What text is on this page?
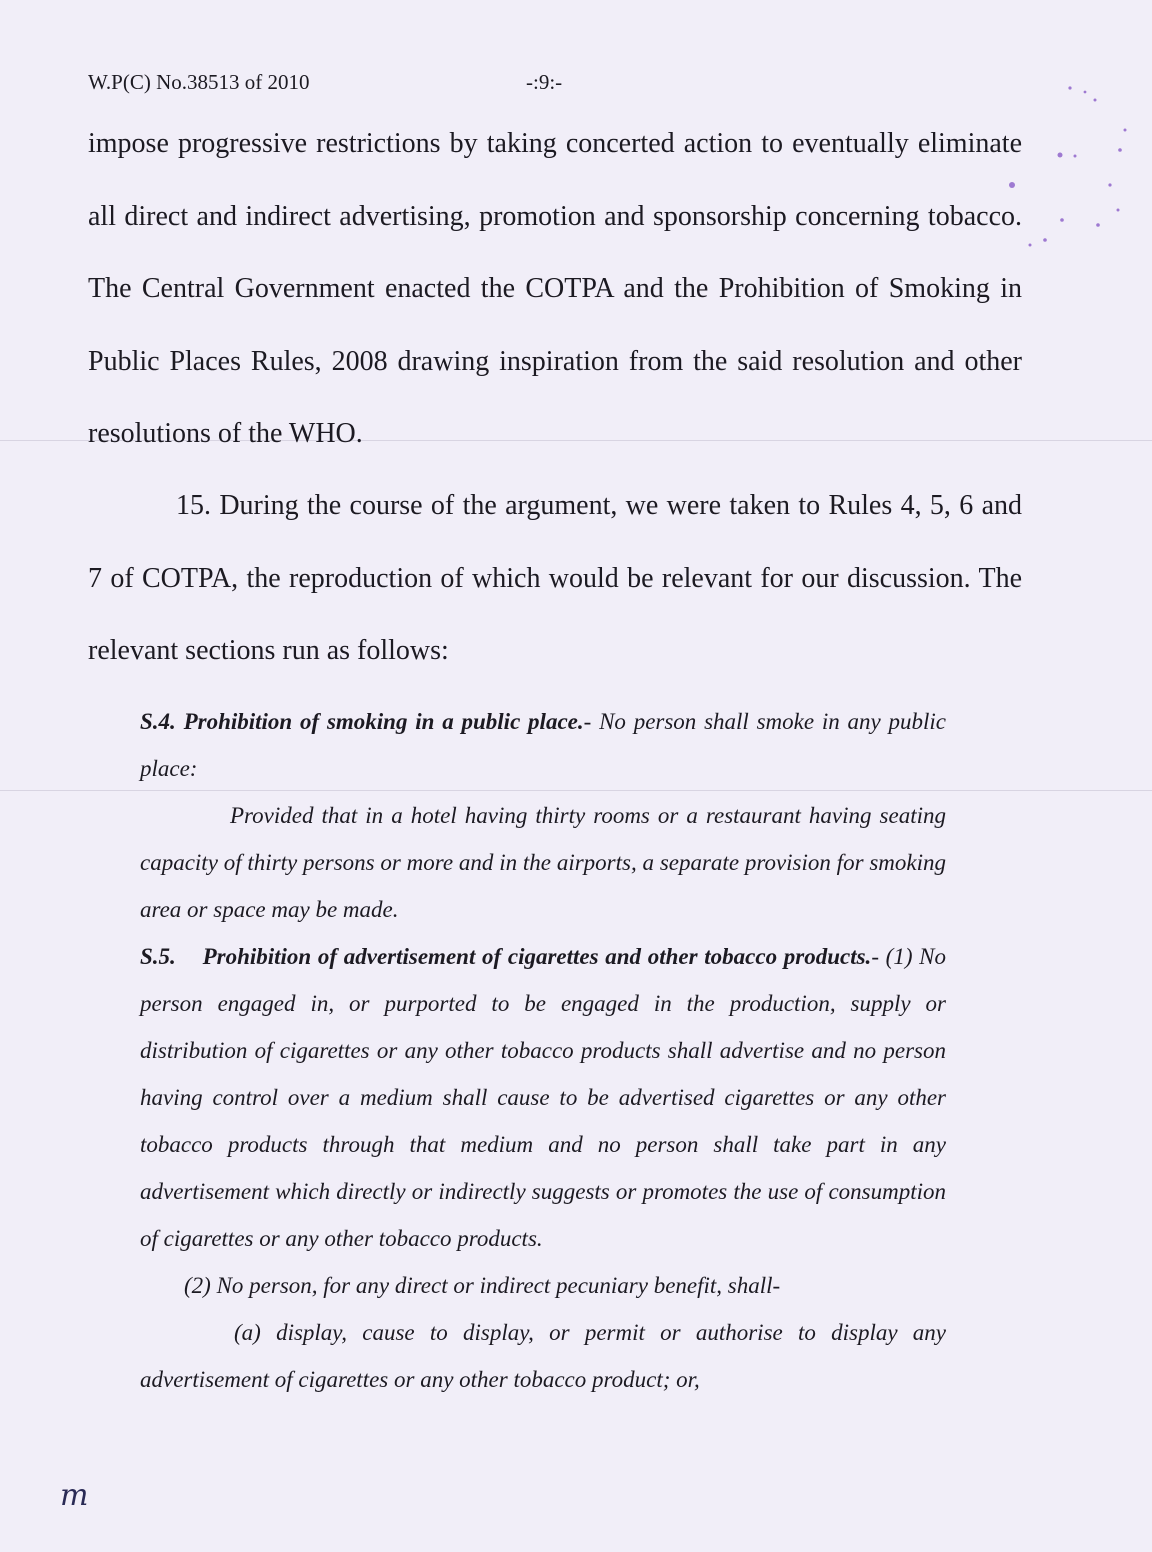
W.P(C) No.38513 of 2010	-:9:-
impose progressive restrictions by taking concerted action to eventually eliminate all direct and indirect advertising, promotion and sponsorship concerning tobacco. The Central Government enacted the COTPA and the Prohibition of Smoking in Public Places Rules, 2008 drawing inspiration from the said resolution and other resolutions of the WHO.
15. During the course of the argument, we were taken to Rules 4, 5, 6 and 7 of COTPA, the reproduction of which would be relevant for our discussion. The relevant sections run as follows:

S.4. Prohibition of smoking in a public place.- No person shall smoke in any public place:

Provided that in a hotel having thirty rooms or a restaurant having seating capacity of thirty persons or more and in the airports, a separate provision for smoking area or space may be made.

S.5. Prohibition of advertisement of cigarettes and other tobacco products.- (1) No person engaged in, or purported to be engaged in the production, supply or distribution of cigarettes or any other tobacco products shall advertise and no person having control over a medium shall cause to be advertised cigarettes or any other tobacco products through that medium and no person shall take part in any advertisement which directly or indirectly suggests or promotes the use of consumption of cigarettes or any other tobacco products.

(2) No person, for any direct or indirect pecuniary benefit, shall-

(a) display, cause to display, or permit or authorise to display any advertisement of cigarettes or any other tobacco product; or,

m
